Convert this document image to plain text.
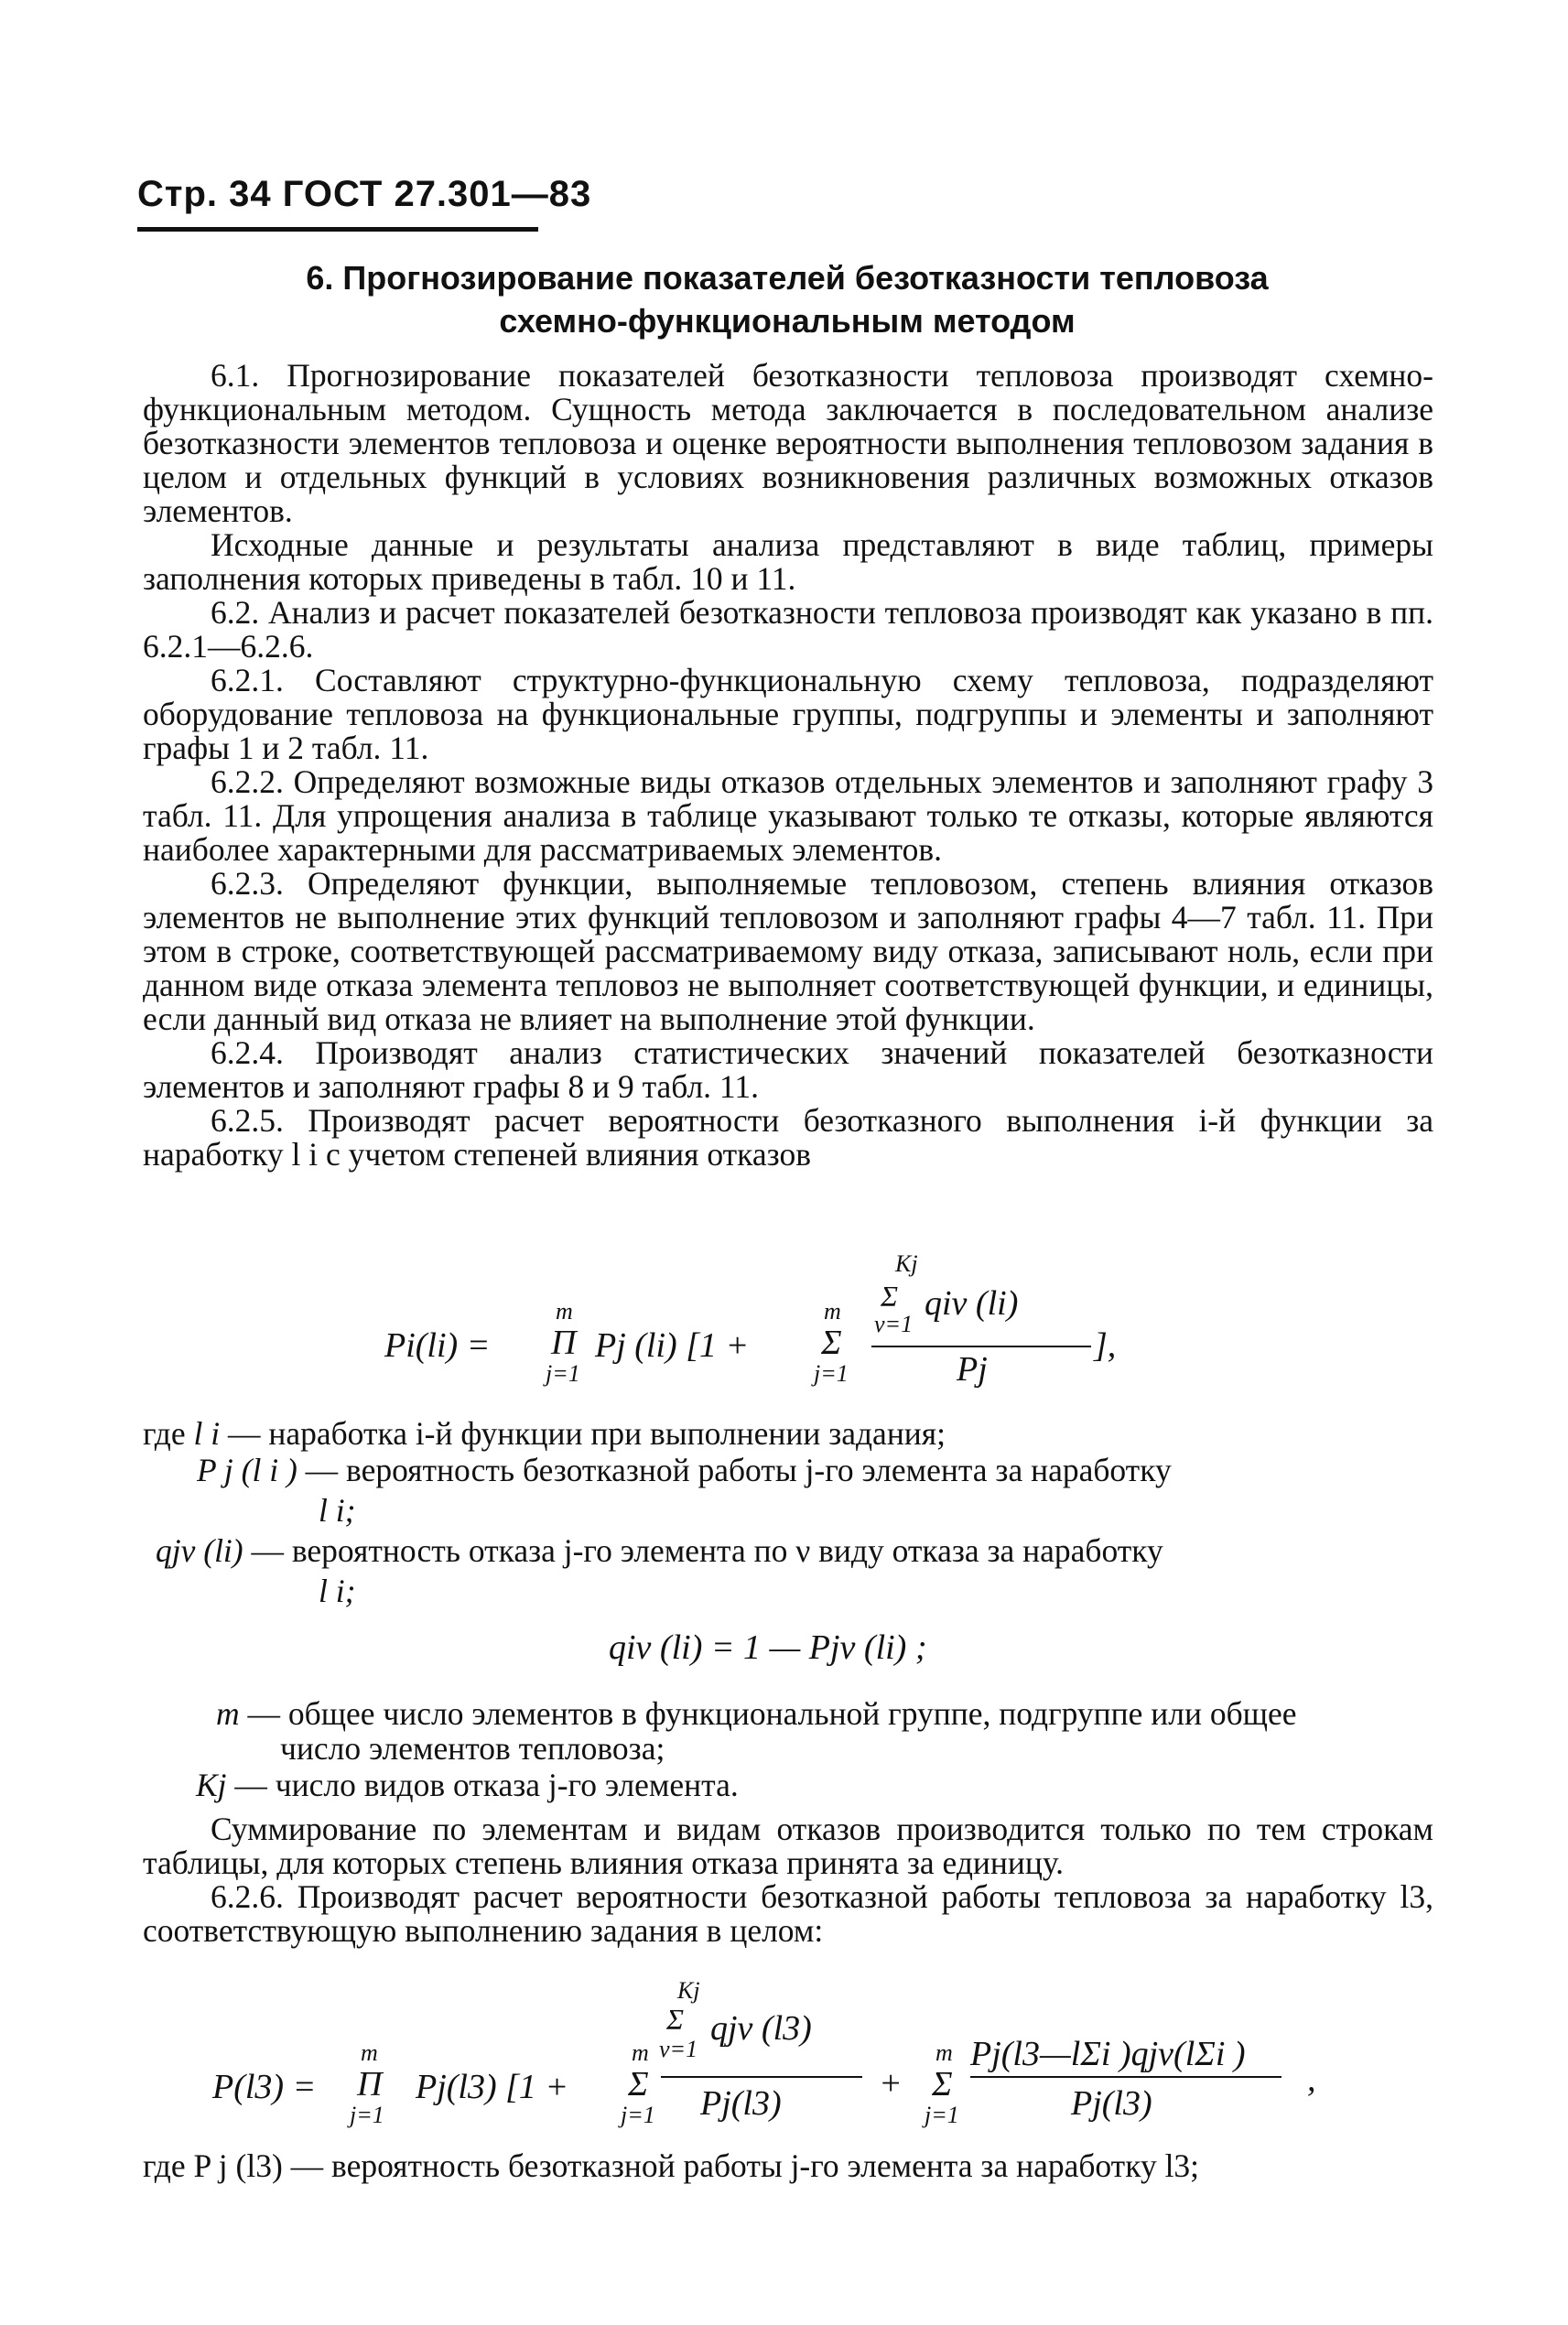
Стр. 34 ГОСТ 27.301—83
6. Прогнозирование показателей безотказности тепловоза
схемно-функциональным методом

6.1. Прогнозирование показателей безотказности тепловоза производят схемно-функциональным методом. Сущность метода заключается в последовательном анализе безотказности элементов тепловоза и оценке вероятности выполнения тепловозом задания в целом и отдельных функций в условиях возникновения различных возможных отказов элементов.

Исходные данные и результаты анализа представляют в виде таблиц, примеры заполнения которых приведены в табл. 10 и 11.

6.2. Анализ и расчет показателей безотказности тепловоза производят как указано в пп. 6.2.1—6.2.6.

6.2.1. Составляют структурно-функциональную схему тепловоза, подразделяют оборудование тепловоза на функциональные группы, подгруппы и элементы и заполняют графы 1 и 2 табл. 11.

6.2.2. Определяют возможные виды отказов отдельных элементов и заполняют графу 3 табл. 11. Для упрощения анализа в таблице указывают только те отказы, которые являются наиболее характерными для рассматриваемых элементов.

6.2.3. Определяют функции, выполняемые тепловозом, степень влияния отказов элементов не выполнение этих функций тепловозом и заполняют графы 4—7 табл. 11. При этом в строке, соответствующей рассматриваемому виду отказа, записывают ноль, если при данном виде отказа элемента тепловоз не выполняет соответствующей функции, и единицы, если данный вид отказа не влияет на выполнение этой функции.

6.2.4. Производят анализ статистических значений показателей безотказности элементов и заполняют графы 8 и 9 табл. 11.

6.2.5. Производят расчет вероятности безотказного выполнения i-й функции за наработку l i с учетом степеней влияния отказов

Pi(li) =
m
Π
j=1
Pj (li) [1 +
m
Σ
j=1
Kj
Σ qiν (li)
ν=1
Pj
],
где l i — наработка i-й функции при выполнении задания;
P j (l i ) — вероятность безотказной работы j-го элемента за наработку
l i;
qjν (li) — вероятность отказа j-го элемента по ν виду отказа за наработку
l i;
qiν (li) = 1 — Pjν (li) ;
m — общее число элементов в функциональной группе, подгруппе или общее
число элементов тепловоза;
Kj — число видов отказа j-го элемента.

Суммирование по элементам и видам отказов производится только по тем строкам таблицы, для которых степень влияния отказа принята за единицу.

6.2.6. Производят расчет вероятности безотказной работы тепловоза за наработку l3, соответствующую выполнению задания в целом:

P(l3) =
m
Π
j=1
Pj(l3) [1 +
m
Σ
j=1
Kj
Σ qjν (l3)
ν=1
Pj(l3)
+
m
Σ
j=1
Pj(l3—lΣi )qjν(lΣi )
Pj(l3)
,
где P j (l3) — вероятность безотказной работы j-го элемента за наработку l3;
